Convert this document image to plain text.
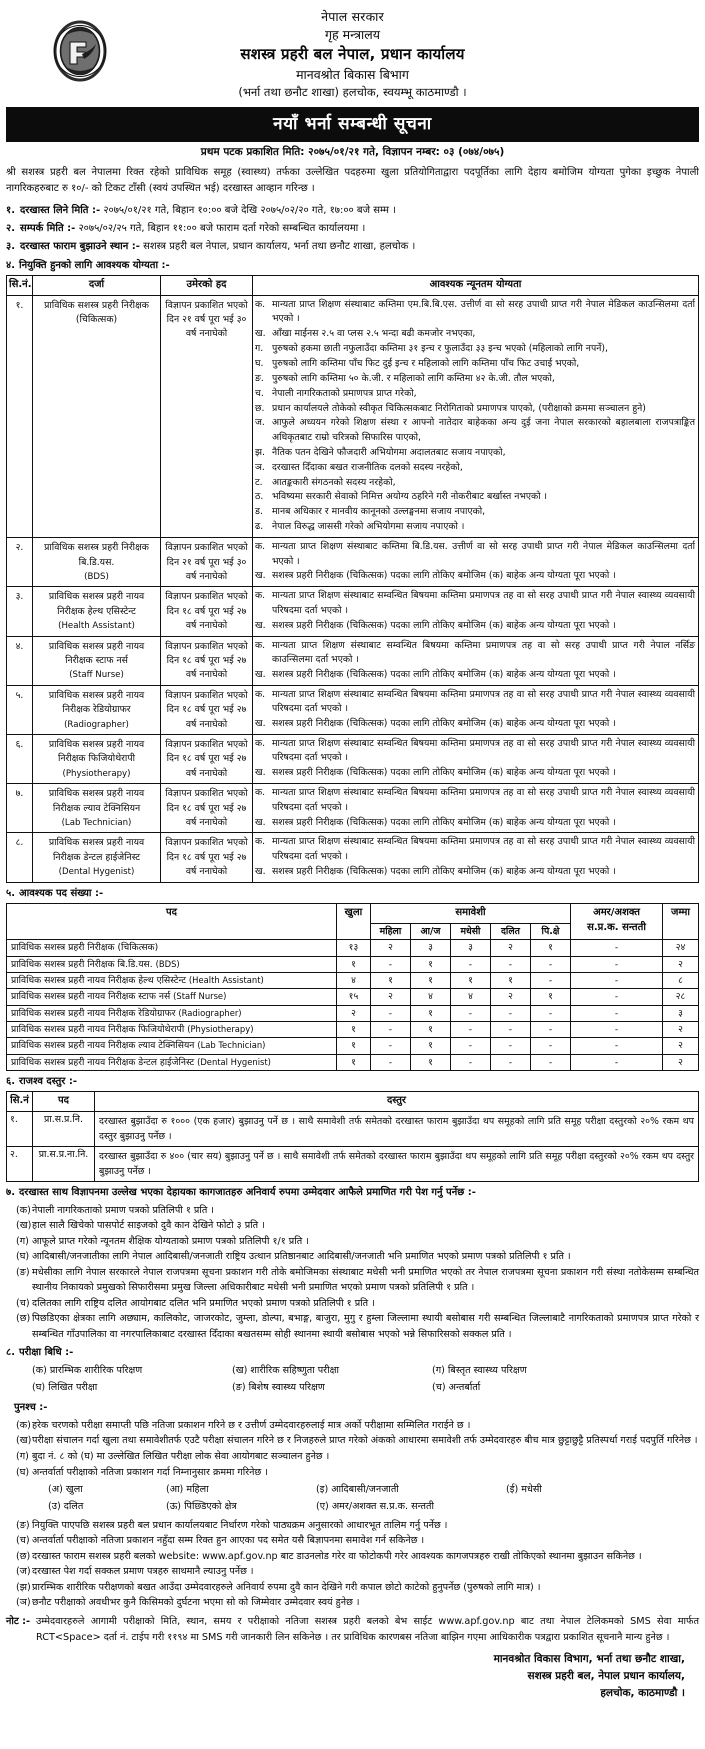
नेपाल सरकार
गृह मन्त्रालय
सशस्त्र प्रहरी बल नेपाल, प्रधान कार्यालय
मानवश्रोत बिकास बिभाग
(भर्ना तथा छनौट शाखा) हलचोक, स्वयम्भू काठमाण्डौ ।
नयाँ भर्ना सम्बन्धी सूचना
प्रथम पटक प्रकाशित मिति: २०७५/०१/२१ गते, विज्ञापन नम्बर: ०३ (०७४/०७५)
श्री सशस्त्र प्रहरी बल नेपालमा रिक्त रहेको प्राविधिक समूह (स्वास्थ्य) तर्फका उल्लेखित पदहरुमा खुला प्रतियोगिताद्वारा पदपूर्तिका लागि देहाय बमोजिम योग्यता पुगेका इच्छुक नेपाली नागरिकहरुबाट रु १०/- को टिकट टाँसी (स्वयं उपस्थित भई) दरखास्त आव्हान गरिन्छ ।
१. दरखास्त लिने मिति :- २०७५/०१/२१ गते, बिहान १०:०० बजे देखि २०७५/०२/२० गते, १७:०० बजे सम्म ।
२. सम्पर्क मिति :- २०७५/०२/२५ गते, बिहान ११:०० बजे फाराम दर्ता गरेको सम्बन्धित कार्यालयमा ।
३. दरखास्त फाराम बुझाउने स्थान :- सशस्त्र प्रहरी बल नेपाल, प्रधान कार्यालय, भर्ना तथा छनौट शाखा, हलचोक ।
४. नियुक्ति हुनको लागि आवश्यक योग्यता :-
सि.नं.	दर्जा	उमेरको हद	आवश्यक न्यूनतम योग्यता
१.	प्राविधिक सशस्त्र प्रहरी निरीक्षक
(चिकित्सक)	विज्ञापन प्रकाशित भएको दिन २१ वर्ष पूरा भई ३० वर्ष ननाघेको	
क. मान्यता प्राप्त शिक्षण संस्थाबाट कम्तिमा एम.बि.बि.एस. उत्तीर्ण वा सो सरह उपाधी प्राप्त गरी नेपाल मेडिकल काउन्सिलमा दर्ता भएको ।
ख. आँखा माईनस २.५ वा प्लस २.५ भन्दा बढी कमजोर नभएका,
ग. पुरुषको हकमा छाती नफुलाउँदा कम्तिमा ३१ इन्च र फुलाउँदा ३३ इन्च भएको (महिलाको लागि नपर्ने),
घ. पुरुषको लागि कम्तिमा पाँच फिट दुई इन्च र महिलाको लागि कम्तिमा पाँच फिट उचाई भएको,
ङ. पुरुषको लागि कम्तिमा ५० के.जी. र महिलाको लागि कम्तिमा ४२ के.जी. तौल भएको,
च. नेपाली नागरिकताको प्रमाणपत्र प्राप्त गरेको,
छ. प्रधान कार्यालयले तोकेको स्वीकृत चिकित्सकबाट निरोगिताको प्रमाणपत्र पाएको, (परीक्षाको क्रममा सञ्चालन हुने)
ज. आफुले अध्ययन गरेको शिक्षण संस्था र आफ्नो नातेदार बाहेकका अन्य दुई जना नेपाल सरकारको बहालबाला राजपत्राङ्कित अधिकृतबाट राम्रो चरित्रको सिफारिस पाएको,
झ. नैतिक पतन देखिने फौजदारी अभियोगमा अदालतबाट सजाय नपाएको,
ञ. दरखास्त दिँदाका बखत राजनीतिक दलको सदस्य नरहेको,
ट.	आतङ्ककारी संगठनको सदस्य नरहेको,
ठ. भविष्यमा सरकारी सेवाको निमित्त अयोग्य ठहरिने गरी नोकरीबाट बर्खास्त नभएको ।
ड. मानब अधिकार र मानवीय कानूनको उल्लङ्घनमा सजाय नपाएको,
ढ. नेपाल विरुद्ध जाससी गरेको अभियोगमा सजाय नपाएको ।

२.	प्राविधिक सशस्त्र प्रहरी निरीक्षक बि.डि.यस.
(BDS)	विज्ञापन प्रकाशित भएको दिन २१ वर्ष पूरा भई ३० वर्ष ननाघेको	
क. मान्यता प्राप्त शिक्षण संस्थाबाट कम्तिमा बि.डि.यस. उत्तीर्ण वा सो सरह उपाधी प्राप्त गरी नेपाल मेडिकल काउन्सिलमा दर्ता भएको ।
ख. सशस्त्र प्रहरी निरीक्षक (चिकित्सक) पदका लागि तोकिए बमोजिम (क) बाहेक अन्य योग्यता पूरा भएको ।

३.	प्राविधिक सशस्त्र प्रहरी नायव निरीक्षक हेल्थ एसिस्टेन्ट
(Health Assistant)	विज्ञापन प्रकाशित भएको दिन १८ वर्ष पूरा भई २७ वर्ष ननाघेको	
क. मान्यता प्राप्त शिक्षण संस्थाबाट सम्वन्धित बिषयमा कम्तिमा प्रमाणपत्र तह वा सो सरह उपाधी प्राप्त गरी नेपाल स्वास्थ्य व्यवसायी परिषदमा दर्ता भएको ।
ख. सशस्त्र प्रहरी निरीक्षक (चिकित्सक) पदका लागि तोकिए बमोजिम (क) बाहेक अन्य योग्यता पूरा भएको ।

४.	प्राविधिक सशस्त्र प्रहरी नायव निरीक्षक स्टाफ नर्स
(Staff Nurse)	विज्ञापन प्रकाशित भएको दिन १८ वर्ष पूरा भई २७ वर्ष ननाघेको	
क. मान्यता प्राप्त शिक्षण संस्थाबाट सम्वन्धित बिषयमा कम्तिमा प्रमाणपत्र तह वा सो सरह उपाधी प्राप्त गरी नेपाल नर्सिङ काउन्सिलमा दर्ता भएको ।
ख. सशस्त्र प्रहरी निरीक्षक (चिकित्सक) पदका लागि तोकिए बमोजिम (क) बाहेक अन्य योग्यता पूरा भएको ।

५.	प्राविधिक सशस्त्र प्रहरी नायव निरीक्षक रेडियोग्राफर
(Radiographer)	विज्ञापन प्रकाशित भएको दिन १८ वर्ष पूरा भई २७ वर्ष ननाघेको	
क. मान्यता प्राप्त शिक्षण संस्थाबाट सम्वन्धित बिषयमा कम्तिमा प्रमाणपत्र तह वा सो सरह उपाधी प्राप्त गरी नेपाल स्वास्थ्य व्यवसायी परिषदमा दर्ता भएको ।
ख. सशस्त्र प्रहरी निरीक्षक (चिकित्सक) पदका लागि तोकिए बमोजिम (क) बाहेक अन्य योग्यता पूरा भएको ।

६.	प्राविधिक सशस्त्र प्रहरी नायव निरीक्षक फिजियोथेरापी
(Physiotherapy)	विज्ञापन प्रकाशित भएको दिन १८ वर्ष पूरा भई २७ वर्ष ननाघेको	
क. मान्यता प्राप्त शिक्षण संस्थाबाट सम्वन्धित बिषयमा कम्तिमा प्रमाणपत्र तह वा सो सरह उपाधी प्राप्त गरी नेपाल स्वास्थ्य व्यवसायी परिषदमा दर्ता भएको ।
ख. सशस्त्र प्रहरी निरीक्षक (चिकित्सक) पदका लागि तोकिए बमोजिम (क) बाहेक अन्य योग्यता पूरा भएको ।

७.	प्राविधिक सशस्त्र प्रहरी नायव निरीक्षक ल्याव टेक्निसियन
(Lab Technician)	विज्ञापन प्रकाशित भएको दिन १८ वर्ष पूरा भई २७ वर्ष ननाघेको	
क. मान्यता प्राप्त शिक्षण संस्थाबाट सम्वन्धित बिषयमा कम्तिमा प्रमाणपत्र तह वा सो सरह उपाधी प्राप्त गरी नेपाल स्वास्थ्य व्यवसायी परिषदमा दर्ता भएको ।
ख. सशस्त्र प्रहरी निरीक्षक (चिकित्सक) पदका लागि तोकिए बमोजिम (क) बाहेक अन्य योग्यता पूरा भएको ।

८.	प्राविधिक सशस्त्र प्रहरी नायव निरीक्षक डेन्टल हाईजेनिस्ट
(Dental Hygenist)	विज्ञापन प्रकाशित भएको दिन १८ वर्ष पूरा भई २७ वर्ष ननाघेको	
क. मान्यता प्राप्त शिक्षण संस्थाबाट सम्वन्धित बिषयमा कम्तिमा प्रमाणपत्र तह वा सो सरह उपाधी प्राप्त गरी नेपाल स्वास्थ्य व्यवसायी परिषदमा दर्ता भएको ।
ख. सशस्त्र प्रहरी निरीक्षक (चिकित्सक) पदका लागि तोकिए बमोजिम (क) बाहेक अन्य योग्यता पूरा भएको ।
५. आवश्यक पद संख्या :-
पद	खुला	समावेशी					अमर/अशक्त
स.प्र.क. सन्तती	जम्मा
		महिला	आ/ज	मधेसी	दलित	पि.क्षे		
प्राविधिक सशस्त्र प्रहरी निरीक्षक (चिकित्सक)	१३	२	३	३	२	१	-	२४
प्राविधिक सशस्त्र प्रहरी निरीक्षक बि.डि.यस. (BDS)	१	-	१	-	-	-	-	२
प्राविधिक सशस्त्र प्रहरी नायव निरीक्षक हेल्थ एसिस्टेन्ट (Health Assistant)	४	१	१	१	१	-	-	८
प्राविधिक सशस्त्र प्रहरी नायव निरीक्षक स्टाफ नर्स (Staff Nurse)	१५	२	४	४	२	१	-	२८
प्राविधिक सशस्त्र प्रहरी नायव निरीक्षक रेडियोग्राफर (Radiographer)	२	-	१	-	-	-	-	३
प्राविधिक सशस्त्र प्रहरी नायव निरीक्षक फिजियोथेरापी (Physiotherapy)	१	-	१	-	-	-	-	२
प्राविधिक सशस्त्र प्रहरी नायव निरीक्षक ल्याव टेक्निसियन (Lab Technician)	१	-	१	-	-	-	-	२
प्राविधिक सशस्त्र प्रहरी नायव निरीक्षक डेन्टल हाईजेनिस्ट (Dental Hygenist)	१	-	१	-	-	-	-	२
६. राजश्व दस्तुर :-
सि.नं	पद	दस्तुर
१.	प्रा.स.प्र.नि.	दरखास्त बुझाउँदा रु १००० (एक हजार) बुझाउनु पर्ने छ । साथै समावेशी तर्फ समेतको दरखास्त फाराम बुझाउँदा थप समूहको लागि प्रति समूह परीक्षा दस्तुरको २०% रकम थप दस्तुर बुझाउनु पर्नेछ ।
२.	प्रा.स.प्र.ना.नि.	दरखास्त बुझाउँदा रु ४०० (चार सय) बुझाउनु पर्ने छ । साथै समावेशी तर्फ समेतको दरखास्त फाराम बुझाउँदा थप समूहको लागि प्रति समूह परीक्षा दस्तुरको २०% रकम थप दस्तुर बुझाउनु पर्नेछ ।
७. दरखास्त साथ विज्ञापनमा उल्लेख भएका देहायका कागजातहरु अनिवार्य रुपमा उम्मेदवार आफैले प्रमाणित गरी पेश गर्नु पर्नेछ :-
(क) नेपाली नागरिकताको प्रमाण पत्रको प्रतिलिपी १ प्रति ।
(ख) हाल सालै खिचेको पासपोर्ट साइजको दुवै कान देखिने फोटो ३ प्रति ।
(ग) आफूले प्राप्त गरेको न्यूनतम शैक्षिक योग्यताको प्रमाण पत्रको प्रतिलिपी १/१ प्रति ।
(घ) आदिबासी/जनजातीका लागि नेपाल आदिबासी/जनजाती राष्ट्रिय उत्थान प्रतिष्ठानबाट आदिबासी/जनजाती भनि प्रमाणित भएको प्रमाण पत्रको प्रतिलिपी १ प्रति ।
(ङ) मधेसीका लागि नेपाल सरकारले नेपाल राजपत्रमा सूचना प्रकाशन गरी तोके बमोजिमका संस्थाबाट मधेसी भनी प्रमाणित भएको तर नेपाल राजपत्रमा सूचना प्रकाशन गरी संस्था नतोकेसम्म सम्बन्धित स्थानीय निकायको प्रमुखको सिफारीसमा प्रमुख जिल्ला अधिकारीबाट मधेसी भनी प्रमाणित भएको प्रमाण पत्रको प्रतिलिपी १ प्रति ।
(च) दलितका लागि राष्ट्रिय दलित आयोगबाट दलित भनि प्रमाणित भएको प्रमाण पत्रको प्रतिलिपी १ प्रति ।
(छ) पिछडिएका क्षेत्रका लागि अछ्याम, कालिकोट, जाजरकोट, जुम्ला, डोल्पा, बभाङ्ग, बाजुरा, मुगु र हुम्ला जिल्लामा स्थायी बसोबास गरी सम्बन्धित जिल्लाबाटै नागरिकताको प्रमाणपत्र प्राप्त गरेको र सम्बन्धित गाँउपालिका वा नगरपालिकाबाट दरखास्त दिँदाका बखतसम्म सोही स्थानमा स्थायी बसोबास भएको भन्ने सिफारिसको सक्कल प्रति ।
८. परीक्षा बिधि :-
(क) प्रारम्भिक शारीरिक परिक्षण	(ख) शारीरिक सहिष्णुता परीक्षा	(ग) बिस्तृत स्वास्थ्य परिक्षण
(घ) लिखित परीक्षा	(ङ) बिशेष स्वास्थ्य परिक्षण	(च) अन्तर्बार्ता
पुनश्च :-
(क) हरेक चरणको परीक्षा समाप्ती पछि नतिजा प्रकाशन गरिने छ र उत्तीर्ण उम्मेदवारहरुलाई मात्र अर्को परीक्षामा सम्मिलित गराईने छ ।
(ख) परीक्षा संचालन गर्दा खुला तथा समावेशीतर्फ एउटै परीक्षा संचालन गरिने छ र निजहरुले प्राप्त गरेको अंकको आधारमा समावेशी तर्फ उम्मेदवारहरु बीच मात्र छुट्टाछुट्टै प्रतिस्पर्धा गराई पदपुर्ति गरिनेछ ।
(ग) बुदा नं. ८ को (घ) मा उल्लेखित लिखित परीक्षा लोक सेवा आयोगबाट सञ्चालन हुनेछ ।
(घ) अन्तर्वार्ता परीक्षाको नतिजा प्रकाशन गर्दा निम्नानुसार क्रममा गरिनेछ ।
(अ) खुला	(आ) महिला	(इ) आदिबासी/जनजाती	(ई) मधेसी
(उ) दलित	(ऊ) पिछ्डिएको क्षेत्र	(ए) अमर/अशक्त स.प्र.क. सन्तती
(ङ) नियुक्ति पाएपछि सशस्त्र प्रहरी बल प्रधान कार्यालयबाट निर्धारण गरेको पाठ्यक्रम अनुसारको आधारभूत तालिम गर्नु पर्नेछ ।
(च) अन्तर्वार्ता परीक्षाको नतिजा प्रकाशन नहुँदा सम्म रिक्त हुन आएका पद समेत यसै बिज्ञापनमा समावेश गर्न सकिनेछ ।
(छ) दरखास्त फाराम सशस्त्र प्रहरी बलको website: www.apf.gov.np बाट डाउनलोड गरेर वा फोटोकपी गरेर आवश्यक कागजपत्रहरु राखी तोकिएको स्थानमा बुझाउन सकिनेछ ।
(ज) दरखास्त पेश गर्दा सक्कल प्रमाण पत्रहरु साथमानै ल्याउनु पर्नेछ ।
(झ) प्रारम्भिक शारीरिक परीक्षणको बखत आउँदा उम्मेदवारहरुले अनिवार्य रुपमा दुवै कान देखिने गरी कपाल छोटो काटेको हुनुपर्नेछ (पुरुषको लागि मात्र) ।
(ञ) छनौट परीक्षाको अवधीभर कुनै किसिमको दुर्घटना भएमा सो को जिम्मेवार उम्मेदवार स्वयं हुनेछ ।
नोट :- उम्मेदवारहरुले आगामी परीक्षाको मिति, स्थान, समय र परीक्षाको नतिजा सशस्त्र प्रहरी बलको बेभ साईट www.apf.gov.np बाट तथा नेपाल टेलिकमको SMS सेवा मार्फत RCT<Space> दर्ता नं. टाईप गरी ११९४ मा SMS गरी जानकारी लिन सकिनेछ । तर प्राविधिक कारणबस नतिजा बाझिन गएमा आधिकारीक पत्रद्वारा प्रकाशित सूचनानै मान्य हुनेछ ।
मानवश्रोत विकास विभाग, भर्ना तथा छनौट शाखा,
सशस्त्र प्रहरी बल, नेपाल प्रधान कार्यालय,
हलचोक, काठमाण्डौ ।
